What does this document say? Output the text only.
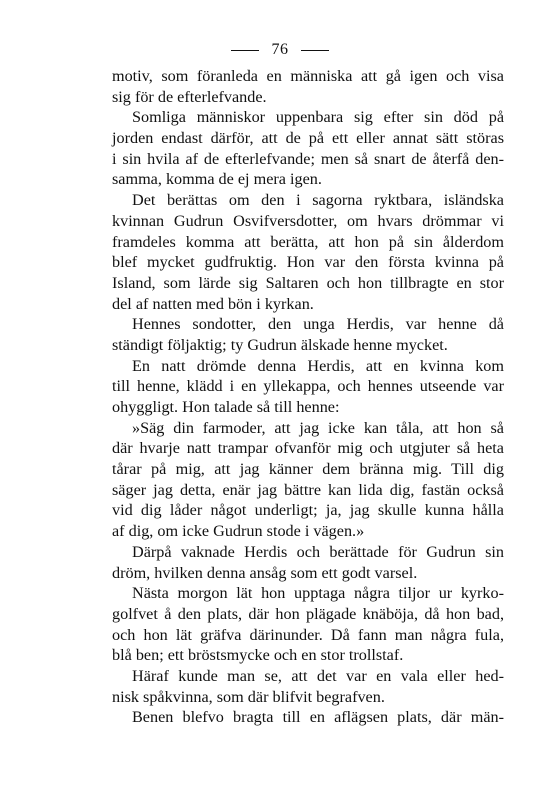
76
motiv, som föranleda en människa att gå igen och visa
sig för de efterlefvande.
Somliga människor uppenbara sig efter sin död på
jorden endast därför, att de på ett eller annat sätt störas
i sin hvila af de efterlefvande; men så snart de återfå den-
samma, komma de ej mera igen.
Det berättas om den i sagorna ryktbara, isländska
kvinnan Gudrun Osvifversdotter, om hvars drömmar vi
framdeles komma att berätta, att hon på sin ålderdom
blef mycket gudfruktig. Hon var den första kvinna på
Island, som lärde sig Saltaren och hon tillbragte en stor
del af natten med bön i kyrkan.
Hennes sondotter, den unga Herdis, var henne då
ständigt följaktig; ty Gudrun älskade henne mycket.
En natt drömde denna Herdis, att en kvinna kom
till henne, klädd i en yllekappa, och hennes utseende var
ohyggligt. Hon talade så till henne:
»Säg din farmoder, att jag icke kan tåla, att hon så
där hvarje natt trampar ofvanför mig och utgjuter så heta
tårar på mig, att jag känner dem bränna mig. Till dig
säger jag detta, enär jag bättre kan lida dig, fastän också
vid dig låder något underligt; ja, jag skulle kunna hålla
af dig, om icke Gudrun stode i vägen.»
Därpå vaknade Herdis och berättade för Gudrun sin
dröm, hvilken denna ansåg som ett godt varsel.
Nästa morgon lät hon upptaga några tiljor ur kyrko-
golfvet å den plats, där hon plägade knäböja, då hon bad,
och hon lät gräfva därinunder. Då fann man några fula,
blå ben; ett bröstsmycke och en stor trollstaf.
Häraf kunde man se, att det var en vala eller hed-
nisk spåkvinna, som där blifvit begrafven.
Benen blefvo bragta till en aflägsen plats, där män-
